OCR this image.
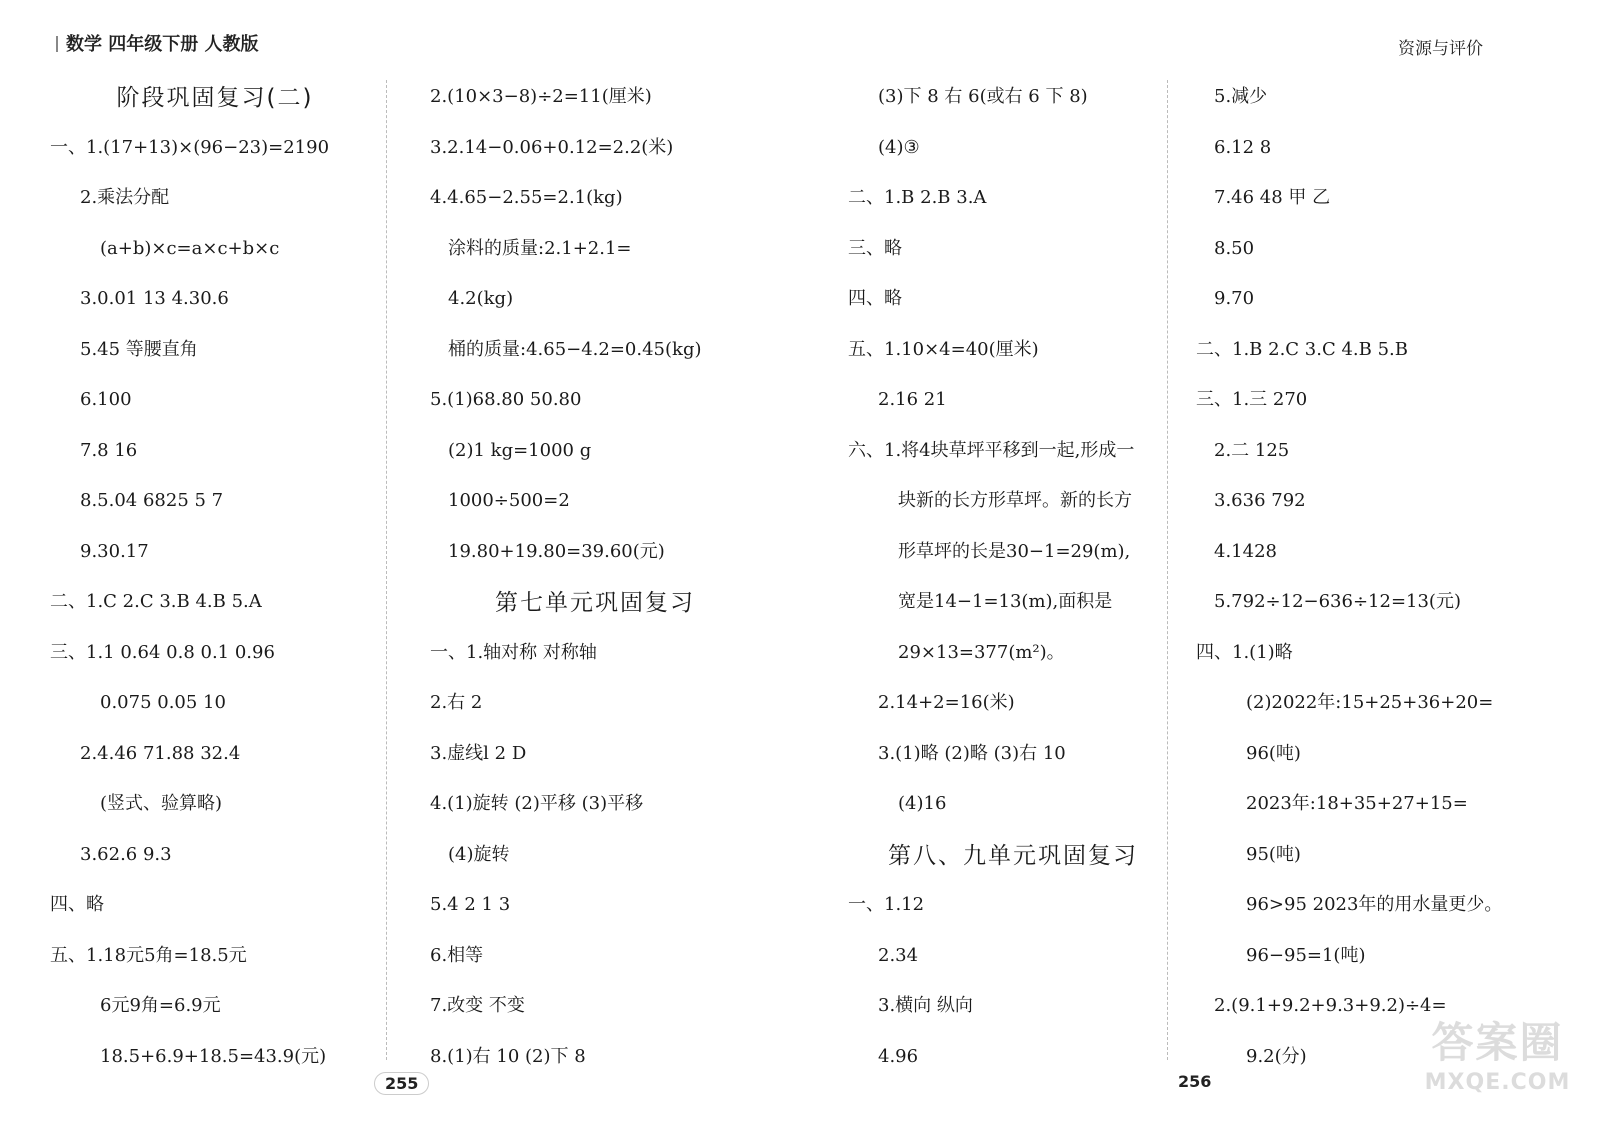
数学 四年级下册 人教版	资源与评价
阶段巩固复习(二)
一、1.(17+13)×(96−23)=2190
2.乘法分配
(a+b)×c=a×c+b×c
3.0.01 13 4.30.6
5.45 等腰直角
6.100
7.8 16
8.5.04 6825 5 7
9.30.17
二、1.C 2.C 3.B 4.B 5.A
三、1.1 0.64 0.8 0.1 0.96
0.075 0.05 10
2.4.46 71.88 32.4
(竖式、验算略)
3.62.6 9.3
四、略
五、1.18元5角=18.5元
6元9角=6.9元
18.5+6.9+18.5=43.9(元)
2.(10×3−8)÷2=11(厘米)
3.2.14−0.06+0.12=2.2(米)
4.4.65−2.55=2.1(kg)
涂料的质量:2.1+2.1=
4.2(kg)
桶的质量:4.65−4.2=0.45(kg)
5.(1)68.80 50.80
(2)1 kg=1000 g
1000÷500=2
19.80+19.80=39.60(元)
第七单元巩固复习
一、1.轴对称 对称轴
2.右 2
3.虚线l 2 D
4.(1)旋转 (2)平移 (3)平移
(4)旋转
5.4 2 1 3
6.相等
7.改变 不变
8.(1)右 10 (2)下 8
(3)下 8 右 6(或右 6 下 8)
(4)③
二、1.B 2.B 3.A
三、略
四、略
五、1.10×4=40(厘米)
2.16 21
六、1.将4块草坪平移到一起,形成一
块新的长方形草坪。新的长方
形草坪的长是30−1=29(m),
宽是14−1=13(m),面积是
29×13=377(m²)。
2.14+2=16(米)
3.(1)略 (2)略 (3)右 10
(4)16
第八、九单元巩固复习
一、1.12
2.34
3.横向 纵向
4.96
5.减少
6.12 8
7.46 48 甲 乙
8.50
9.70
二、1.B 2.C 3.C 4.B 5.B
三、1.三 270
2.二 125
3.636 792
4.1428
5.792÷12−636÷12=13(元)
四、1.(1)略
(2)2022年:15+25+36+20=
96(吨)
2023年:18+35+27+15=
95(吨)
96>95 2023年的用水量更少。
96−95=1(吨)
2.(9.1+9.2+9.3+9.2)÷4=
9.2(分)
255	256
答案圈
MXQE.COM
